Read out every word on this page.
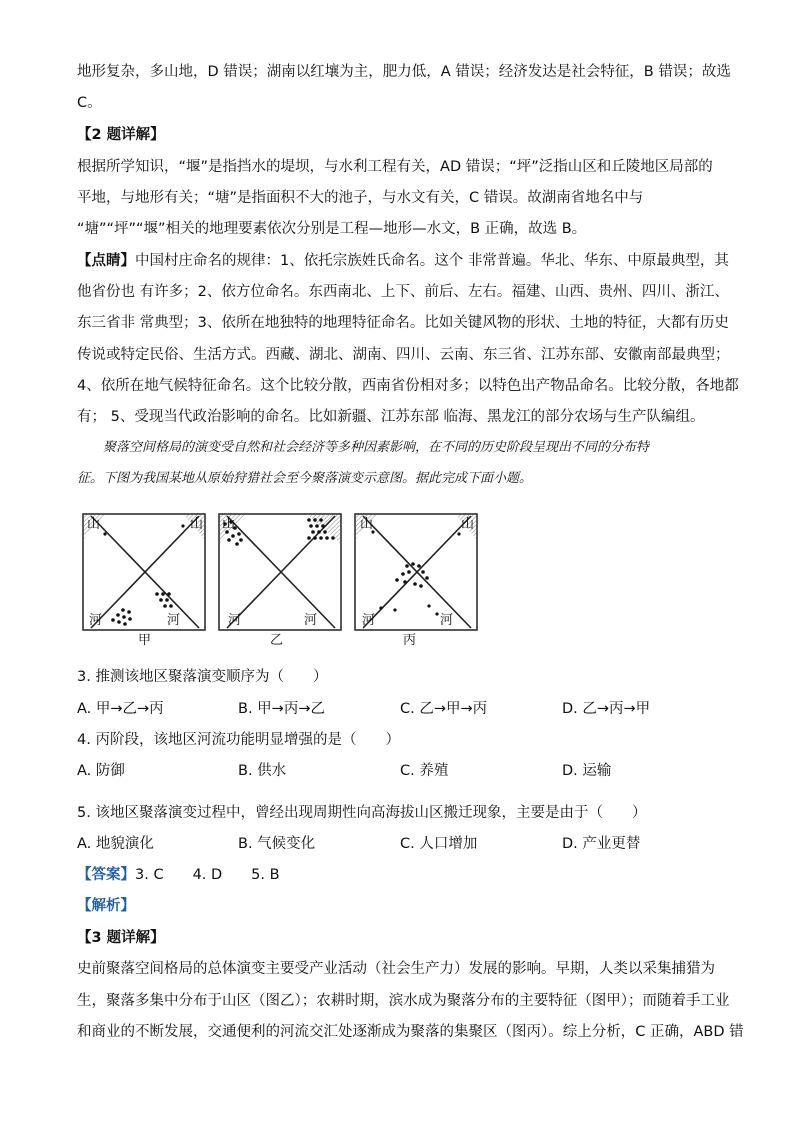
地形复杂，多山地，D 错误；湖南以红壤为主，肥力低，A 错误；经济发达是社会特征，B 错误；故选
C。
【2 题详解】
根据所学知识，“堰”是指挡水的堤坝，与水利工程有关，AD 错误；“坪”泛指山区和丘陵地区局部的
平地，与地形有关；“塘”是指面积不大的池子，与水文有关，C 错误。故湖南省地名中与
“塘”“坪”“堰”相关的地理要素依次分别是工程—地形—水文，B 正确，故选 B。
【点睛】中国村庄命名的规律：1、依托宗族姓氏命名。这个 非常普遍。华北、华东、中原最典型，其
他省份也 有许多；2、依方位命名。东西南北、上下、前后、左右。福建、山西、贵州、四川、浙江、
东三省非 常典型；3、依所在地独特的地理特征命名。比如关键风物的形状、土地的特征，大都有历史
传说或特定民俗、生活方式。西藏、湖北、湖南、四川、云南、东三省、江苏东部、安徽南部最典型；
4、依所在地气候特征命名。这个比较分散，西南省份相对多；以特色出产物品命名。比较分散，各地都
有； 5、受现当代政治影响的命名。比如新疆、江苏东部 临海、黑龙江的部分农场与生产队编组。
聚落空间格局的演变受自然和社会经济等多种因素影响，在不同的历史阶段呈现出不同的分布特
征。下图为我国某地从原始狩猎社会至今聚落演变示意图。据此完成下面小题。
山	山
河	河
甲
山
河	河
乙
山	山
河	河
丙
3. 推测该地区聚落演变顺序为（　　）
A. 甲→乙→丙	B. 甲→丙→乙	C. 乙→甲→丙	D. 乙→丙→甲
4. 丙阶段，该地区河流功能明显增强的是（　　）
A. 防御	B. 供水	C. 养殖	D. 运输
5. 该地区聚落演变过程中，曾经出现周期性向高海拔山区搬迁现象，主要是由于（　　）
A. 地貌演化	B. 气候变化	C. 人口增加	D. 产业更替
【答案】3. C　　4. D　　5. B
【解析】
【3 题详解】
史前聚落空间格局的总体演变主要受产业活动（社会生产力）发展的影响。早期，人类以采集捕猎为
生，聚落多集中分布于山区（图乙）；农耕时期，滨水成为聚落分布的主要特征（图甲）；而随着手工业
和商业的不断发展，交通便利的河流交汇处逐渐成为聚落的集聚区（图丙）。综上分析，C 正确，ABD 错
